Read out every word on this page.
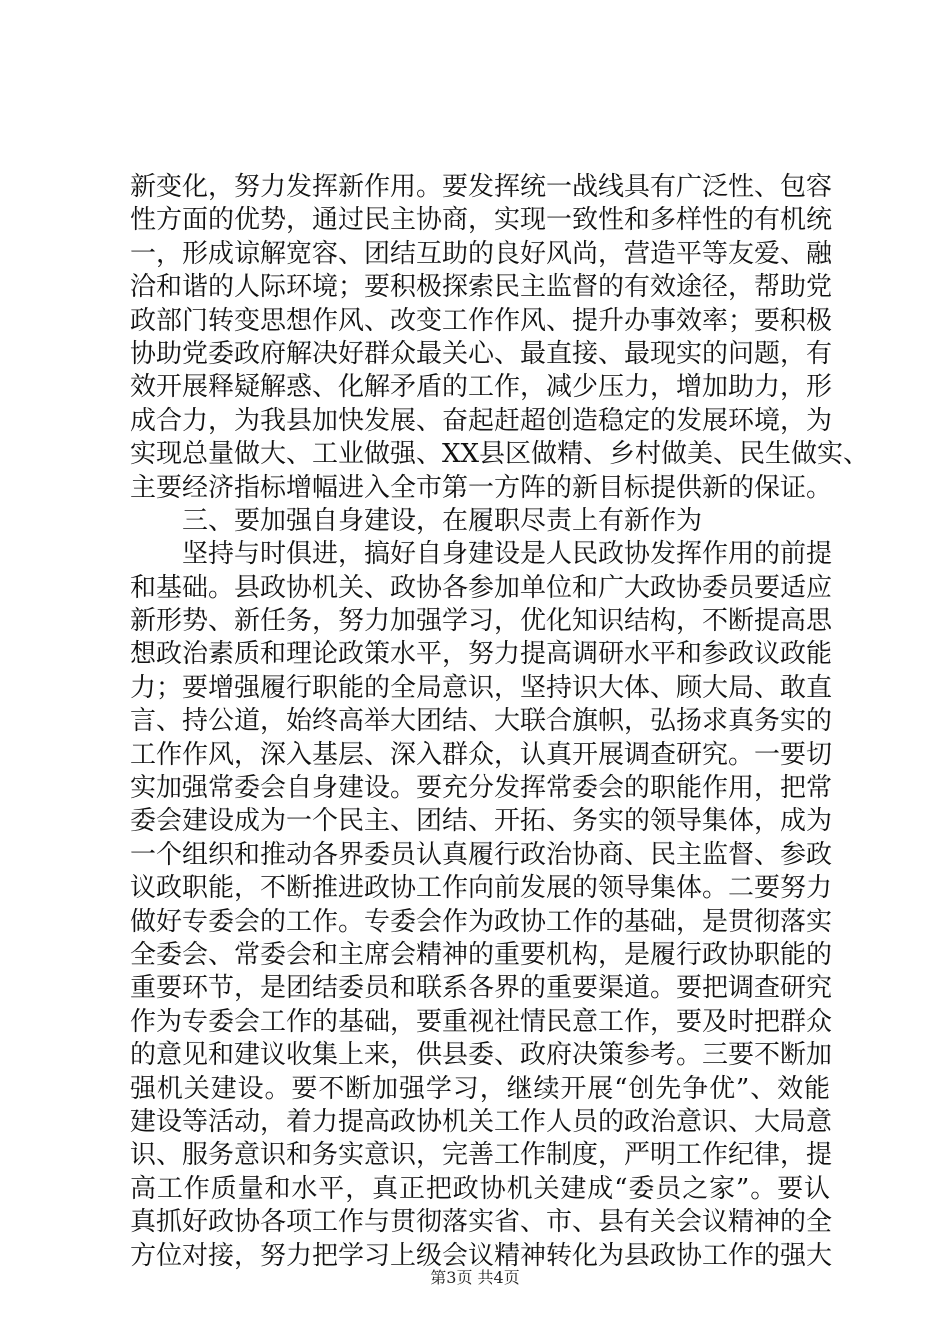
新变化，努力发挥新作用。要发挥统一战线具有广泛性、包容
性方面的优势，通过民主协商，实现一致性和多样性的有机统
一，形成谅解宽容、团结互助的良好风尚，营造平等友爱、融
洽和谐的人际环境；要积极探索民主监督的有效途径，帮助党
政部门转变思想作风、改变工作作风、提升办事效率；要积极
协助党委政府解决好群众最关心、最直接、最现实的问题，有
效开展释疑解惑、化解矛盾的工作，减少压力，增加助力，形
成合力，为我县加快发展、奋起赶超创造稳定的发展环境，为
实现总量做大、工业做强、XX县区做精、乡村做美、民生做实、
主要经济指标增幅进入全市第一方阵的新目标提供新的保证。
三、要加强自身建设，在履职尽责上有新作为
坚持与时俱进，搞好自身建设是人民政协发挥作用的前提
和基础。县政协机关、政协各参加单位和广大政协委员要适应
新形势、新任务，努力加强学习，优化知识结构，不断提高思
想政治素质和理论政策水平，努力提高调研水平和参政议政能
力；要增强履行职能的全局意识，坚持识大体、顾大局、敢直
言、持公道，始终高举大团结、大联合旗帜，弘扬求真务实的
工作作风，深入基层、深入群众，认真开展调查研究。一要切
实加强常委会自身建设。要充分发挥常委会的职能作用，把常
委会建设成为一个民主、团结、开拓、务实的领导集体，成为
一个组织和推动各界委员认真履行政治协商、民主监督、参政
议政职能，不断推进政协工作向前发展的领导集体。二要努力
做好专委会的工作。专委会作为政协工作的基础，是贯彻落实
全委会、常委会和主席会精神的重要机构，是履行政协职能的
重要环节，是团结委员和联系各界的重要渠道。要把调查研究
作为专委会工作的基础，要重视社情民意工作，要及时把群众
的意见和建议收集上来，供县委、政府决策参考。三要不断加
强机关建设。要不断加强学习，继续开展“创先争优”、效能
建设等活动，着力提高政协机关工作人员的政治意识、大局意
识、服务意识和务实意识，完善工作制度，严明工作纪律，提
高工作质量和水平，真正把政协机关建成“委员之家”。要认
真抓好政协各项工作与贯彻落实省、市、县有关会议精神的全
方位对接，努力把学习上级会议精神转化为县政协工作的强大
第3页 共4页
